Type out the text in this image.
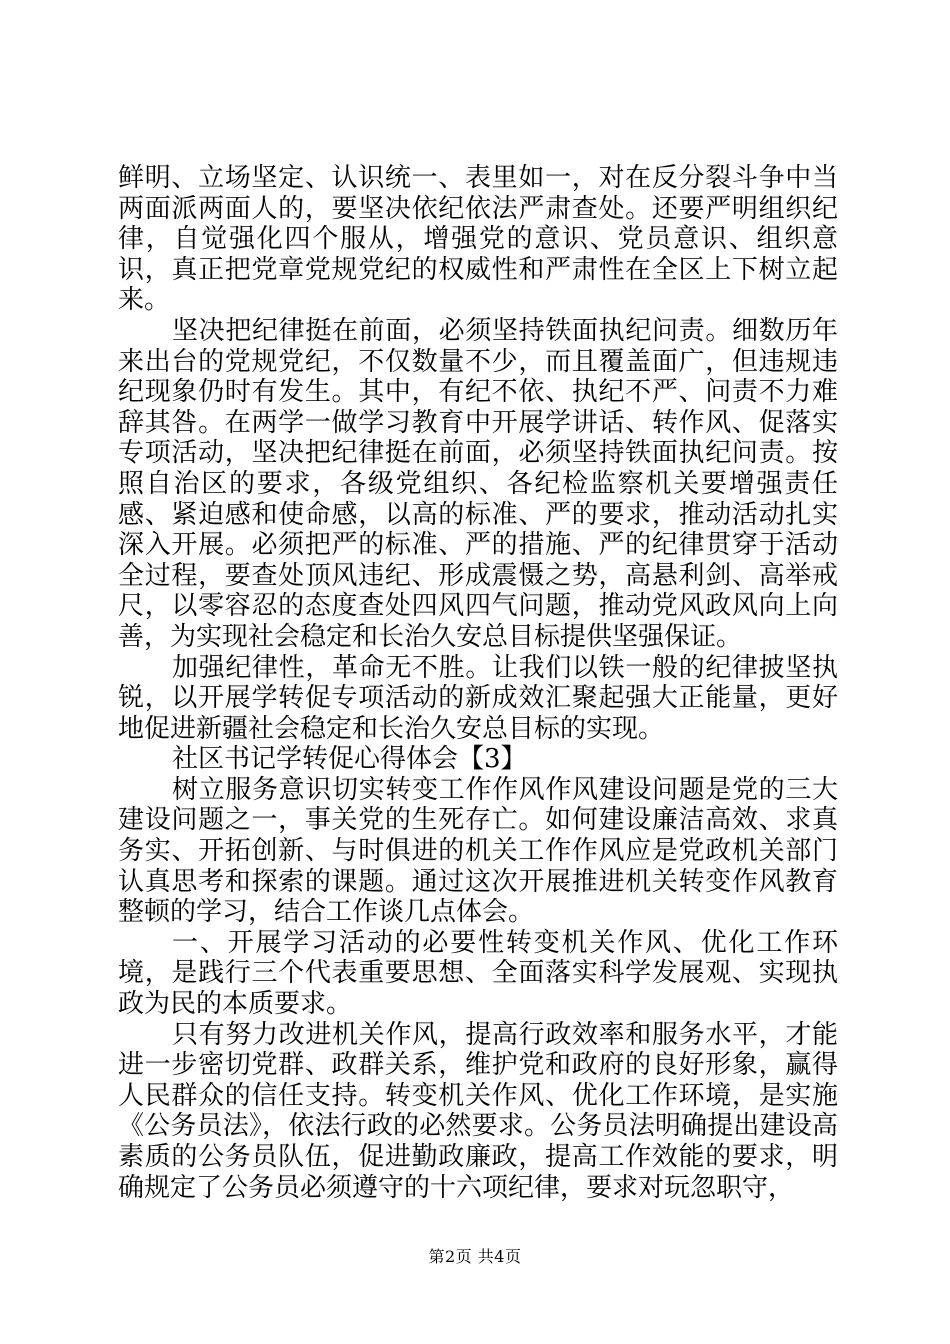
鲜明、立场坚定、认识统一、表里如一，对在反分裂斗争中当两面派两面人的，要坚决依纪依法严肃查处。还要严明组织纪律，自觉强化四个服从，增强党的意识、党员意识、组织意识，真正把党章党规党纪的权威性和严肃性在全区上下树立起来。

坚决把纪律挺在前面，必须坚持铁面执纪问责。细数历年来出台的党规党纪，不仅数量不少，而且覆盖面广，但违规违纪现象仍时有发生。其中，有纪不依、执纪不严、问责不力难辞其咎。在两学一做学习教育中开展学讲话、转作风、促落实专项活动，坚决把纪律挺在前面，必须坚持铁面执纪问责。按照自治区的要求，各级党组织、各纪检监察机关要增强责任感、紧迫感和使命感，以高的标准、严的要求，推动活动扎实深入开展。必须把严的标准、严的措施、严的纪律贯穿于活动全过程，要查处顶风违纪、形成震慑之势，高悬利剑、高举戒尺，以零容忍的态度查处四风四气问题，推动党风政风向上向善，为实现社会稳定和长治久安总目标提供坚强保证。

加强纪律性，革命无不胜。让我们以铁一般的纪律披坚执锐，以开展学转促专项活动的新成效汇聚起强大正能量，更好地促进新疆社会稳定和长治久安总目标的实现。

社区书记学转促心得体会【3】

树立服务意识切实转变工作作风作风建设问题是党的三大建设问题之一，事关党的生死存亡。如何建设廉洁高效、求真务实、开拓创新、与时俱进的机关工作作风应是党政机关部门认真思考和探索的课题。通过这次开展推进机关转变作风教育整顿的学习，结合工作谈几点体会。

一、开展学习活动的必要性转变机关作风、优化工作环境，是践行三个代表重要思想、全面落实科学发展观、实现执政为民的本质要求。

只有努力改进机关作风，提高行政效率和服务水平，才能进一步密切党群、政群关系，维护党和政府的良好形象，赢得人民群众的信任支持。转变机关作风、优化工作环境，是实施《公务员法》，依法行政的必然要求。公务员法明确提出建设高素质的公务员队伍，促进勤政廉政，提高工作效能的要求，明确规定了公务员必须遵守的十六项纪律，要求对玩忽职守，

第2页 共4页
